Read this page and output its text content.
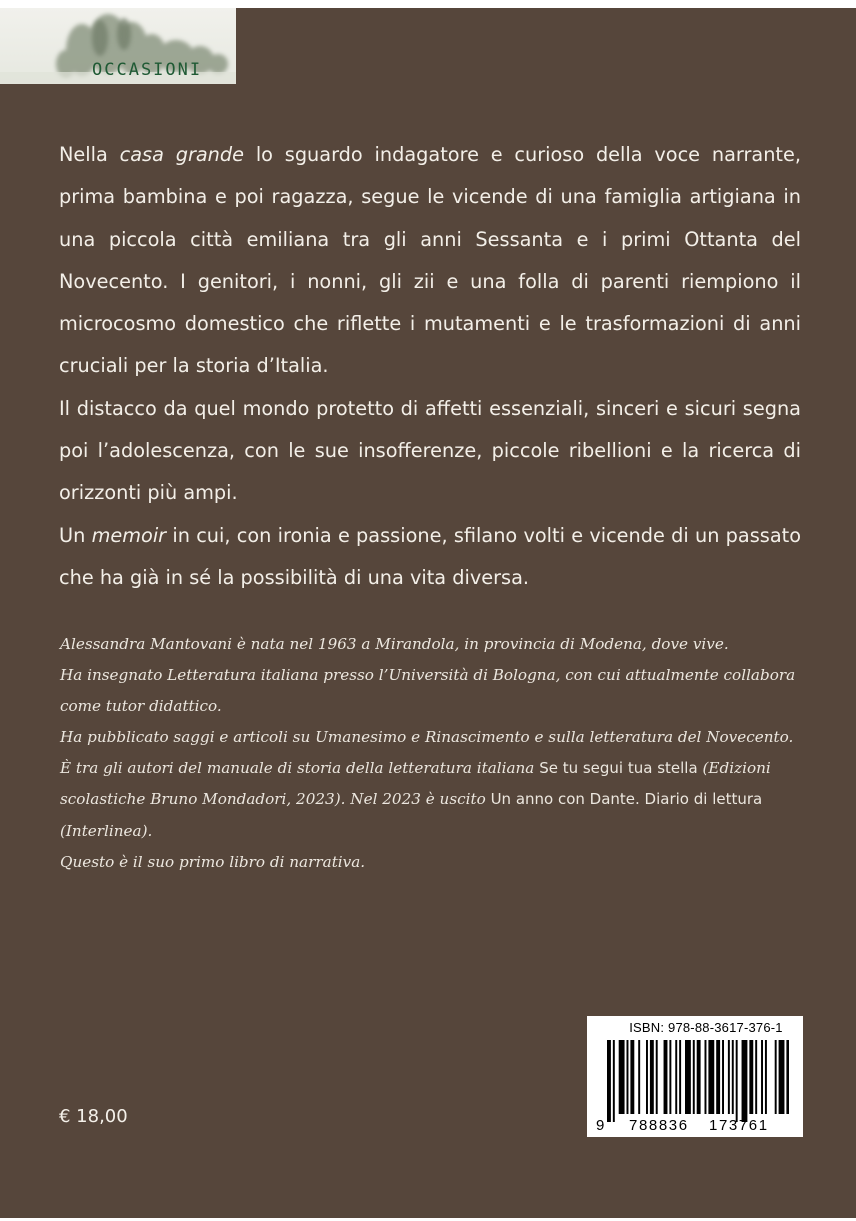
OCCASIONI

Nella casa grande lo sguardo indagatore e curioso della voce narrante, prima bambina e poi ragazza, segue le vicende di una famiglia artigiana in una piccola città emiliana tra gli anni Sessanta e i primi Ottanta del Novecento. I genitori, i nonni, gli zii e una folla di parenti riempiono il microcosmo domestico che riflette i mutamenti e le trasformazioni di anni cruciali per la storia d’Italia.

Il distacco da quel mondo protetto di affetti essenziali, sinceri e sicuri segna poi l’adolescenza, con le sue insofferenze, piccole ribellioni e la ricerca di orizzonti più ampi.

Un memoir in cui, con ironia e passione, sfilano volti e vicende di un passato che ha già in sé la possibilità di una vita diversa.

Alessandra Mantovani è nata nel 1963 a Mirandola, in provincia di Modena, dove vive.

Ha insegnato Letteratura italiana presso l’Università di Bologna, con cui attualmente collabora come tutor didattico.

Ha pubblicato saggi e articoli su Umanesimo e Rinascimento e sulla letteratura del Novecento.

È tra gli autori del manuale di storia della letteratura italiana Se tu segui tua stella (Edizioni scolastiche Bruno Mondadori, 2023). Nel 2023 è uscito Un anno con Dante. Diario di lettura (Interlinea).

Questo è il suo primo libro di narrativa.

€ 18,00
ISBN: 978-88-3617-376-1
9 788836 173761
